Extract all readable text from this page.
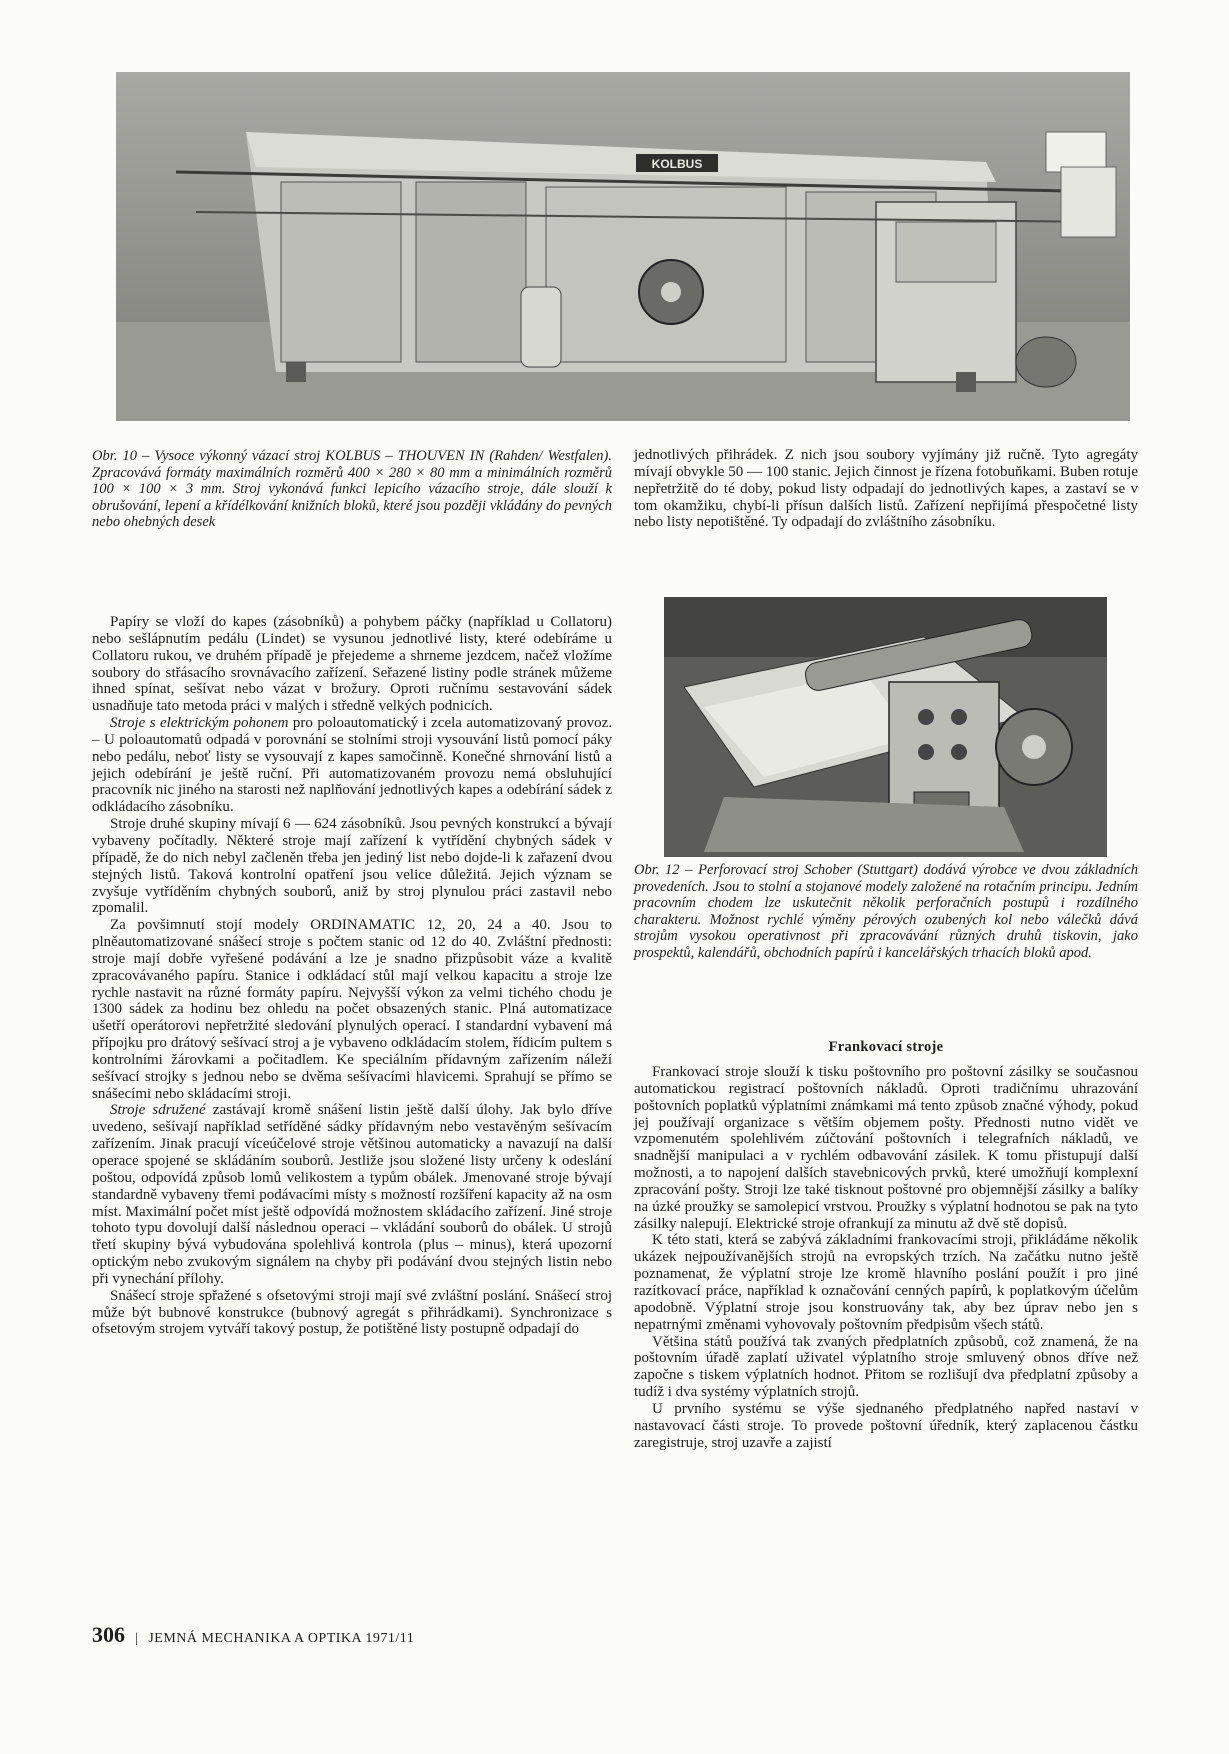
KOLBUS

Obr. 10 – Vysoce výkonný vázací stroj KOLBUS – THOUVEN IN (Rahden/ Westfalen). Zpracovává formáty maximálních rozměrů 400 × 280 × 80 mm a minimálních rozměrů 100 × 100 × 3 mm. Stroj vykonává funkci lepicího vázacího stroje, dále slouží k obrušování, lepení a křídélkování knižních bloků, které jsou později vkládány do pevných nebo ohebných desek

jednotlivých přihrádek. Z nich jsou soubory vyjímány již ručně. Tyto agregáty mívají obvykle 50 — 100 stanic. Jejich činnost je řízena fotobuňkami. Buben rotuje nepřetržitě do té doby, pokud listy odpadají do jednotlivých kapes, a zastaví se v tom okamžiku, chybí-li přísun dalších listů. Zařízení nepřijímá přespočetné listy nebo listy nepotištěné. Ty odpadají do zvláštního zásobníku.

Papíry se vloží do kapes (zásobníků) a pohybem páčky (například u Collatoru) nebo sešlápnutím pedálu (Lindet) se vysunou jednotlivé listy, které odebíráme u Collatoru rukou, ve druhém případě je přejedeme a shrneme jezdcem, načež vložíme soubory do střásacího srovnávacího zařízení. Seřazené listiny podle stránek můžeme ihned spínat, sešívat nebo vázat v brožury. Oproti ručnímu sestavování sádek usnadňuje tato metoda práci v malých i středně velkých podnicích.

Stroje s elektrickým pohonem pro poloautomatický i zcela automatizovaný provoz. – U poloautomatů odpadá v porovnání se stolními stroji vysouvání listů pomocí páky nebo pedálu, neboť listy se vysouvají z kapes samočinně. Konečné shrnování listů a jejich odebírání je ještě ruční. Při automatizovaném provozu nemá obsluhující pracovník nic jiného na starosti než naplňování jednotlivých kapes a odebírání sádek z odkládacího zásobníku.

Stroje druhé skupiny mívají 6 — 624 zásobníků. Jsou pevných konstrukcí a bývají vybaveny počítadly. Některé stroje mají zařízení k vytřídění chybných sádek v případě, že do nich nebyl začleněn třeba jen jediný list nebo dojde-li k zařazení dvou stejných listů. Taková kontrolní opatření jsou velice důležitá. Jejich význam se zvyšuje vytříděním chybných souborů, aniž by stroj plynulou práci zastavil nebo zpomalil.

Za povšimnutí stojí modely ORDINAMATIC 12, 20, 24 a 40. Jsou to plněautomatizované snášecí stroje s počtem stanic od 12 do 40. Zvláštní přednosti: stroje mají dobře vyřešené podávání a lze je snadno přizpůsobit váze a kvalitě zpracovávaného papíru. Stanice i odkládací stůl mají velkou kapacitu a stroje lze rychle nastavit na různé formáty papíru. Nejvyšší výkon za velmi tichého chodu je 1300 sádek za hodinu bez ohledu na počet obsazených stanic. Plná automatizace ušetří operátorovi nepřetržité sledování plynulých operací. I standardní vybavení má přípojku pro drátový sešívací stroj a je vybaveno odkládacím stolem, řídicím pultem s kontrolními žárovkami a počitadlem. Ke speciálním přídavným zařízením náleží sešívací strojky s jednou nebo se dvěma sešívacími hlavicemi. Sprahují se přímo se snášecími nebo skládacími stroji.

Stroje sdružené zastávají kromě snášení listin ještě další úlohy. Jak bylo dříve uvedeno, sešívají například setříděné sádky přídavným nebo vestavěným sešívacím zařízením. Jinak pracují víceúčelové stroje většinou automaticky a navazují na další operace spojené se skládáním souborů. Jestliže jsou složené listy určeny k odeslání poštou, odpovídá způsob lomů velikostem a typům obálek. Jmenované stroje bývají standardně vybaveny třemi podávacími místy s možností rozšíření kapacity až na osm míst. Maximální počet míst ještě odpovídá možnostem skládacího zařízení. Jiné stroje tohoto typu dovolují další následnou operaci – vkládání souborů do obálek. U strojů třetí skupiny bývá vybudována spolehlivá kontrola (plus – minus), která upozorní optickým nebo zvukovým signálem na chyby při podávání dvou stejných listin nebo při vynechání přílohy.

Snášecí stroje spřažené s ofsetovými stroji mají své zvláštní poslání. Snášecí stroj může být bubnové konstrukce (bubnový agregát s přihrádkami). Synchronizace s ofsetovým strojem vytváří takový postup, že potištěné listy postupně odpadají do

Obr. 12 – Perforovací stroj Schober (Stuttgart) dodává výrobce ve dvou základních provedeních. Jsou to stolní a stojanové modely založené na rotačním principu. Jedním pracovním chodem lze uskutečnit několik perforačních postupů i rozdílného charakteru. Možnost rychlé výměny pérových ozubených kol nebo válečků dává strojům vysokou operativnost při zpracovávání různých druhů tiskovin, jako prospektů, kalendářů, obchodních papírů i kancelářských trhacích bloků apod.

Frankovací stroje

Frankovací stroje slouží k tisku poštovního pro poštovní zásilky se současnou automatickou registrací poštovních nákladů. Oproti tradičnímu uhrazování poštovních poplatků výplatními známkami má tento způsob značné výhody, pokud jej používají organizace s větším objemem pošty. Přednosti nutno vidět ve vzpomenutém spolehlivém zúčtování poštovních i telegrafních nákladů, ve snadnější manipulaci a v rychlém odbavování zásilek. K tomu přistupují další možnosti, a to napojení dalších stavebnicových prvků, které umožňují komplexní zpracování pošty. Stroji lze také tisknout poštovné pro objemnější zásilky a balíky na úzké proužky se samolepicí vrstvou. Proužky s výplatní hodnotou se pak na tyto zásilky nalepují. Elektrické stroje ofrankují za minutu až dvě stě dopisů.

K této stati, která se zabývá základními frankovacími stroji, přikládáme několik ukázek nejpoužívanějších strojů na evropských trzích. Na začátku nutno ještě poznamenat, že výplatní stroje lze kromě hlavního poslání použít i pro jiné razítkovací práce, například k označování cenných papírů, k poplatkovým účelům apodobně. Výplatní stroje jsou konstruovány tak, aby bez úprav nebo jen s nepatrnými změnami vyhovovaly poštovním předpisům všech států.

Většina států používá tak zvaných předplatních způsobů, což znamená, že na poštovním úřadě zaplatí uživatel výplatního stroje smluvený obnos dříve než započne s tiskem výplatních hodnot. Přitom se rozlišují dva předplatní způsoby a tudíž i dva systémy výplatních strojů.

U prvního systému se výše sjednaného předplatného napřed nastaví v nastavovací části stroje. To provede poštovní úředník, který zaplacenou částku zaregistruje, stroj uzavře a zajistí

306 | JEMNÁ MECHANIKA A OPTIKA 1971/11
